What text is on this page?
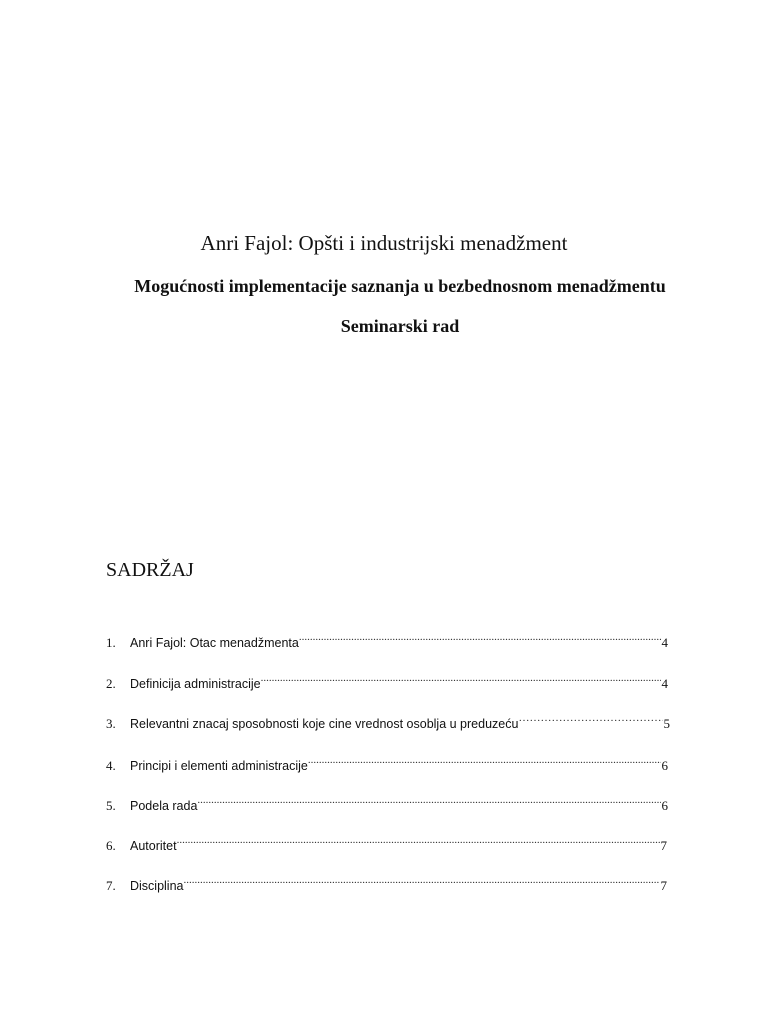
Anri Fajol: Opšti i industrijski menadžment
Mogućnosti implementacije saznanja u bezbednosnom menadžmentu
Seminarski rad
SADRŽAJ
1.	Anri Fajol: Otac menadžmenta .....	4
2.	Definicija administracije .....	4
3.	Relevantni znacaj sposobnosti koje cine vrednost osoblja u preduzeću ………………………………………………………………	5
4.	Principi i elementi administracije .....	6
5.	Podela rada .....	6
6.	Autoritet .....	7
7.	Disciplina .....	7
